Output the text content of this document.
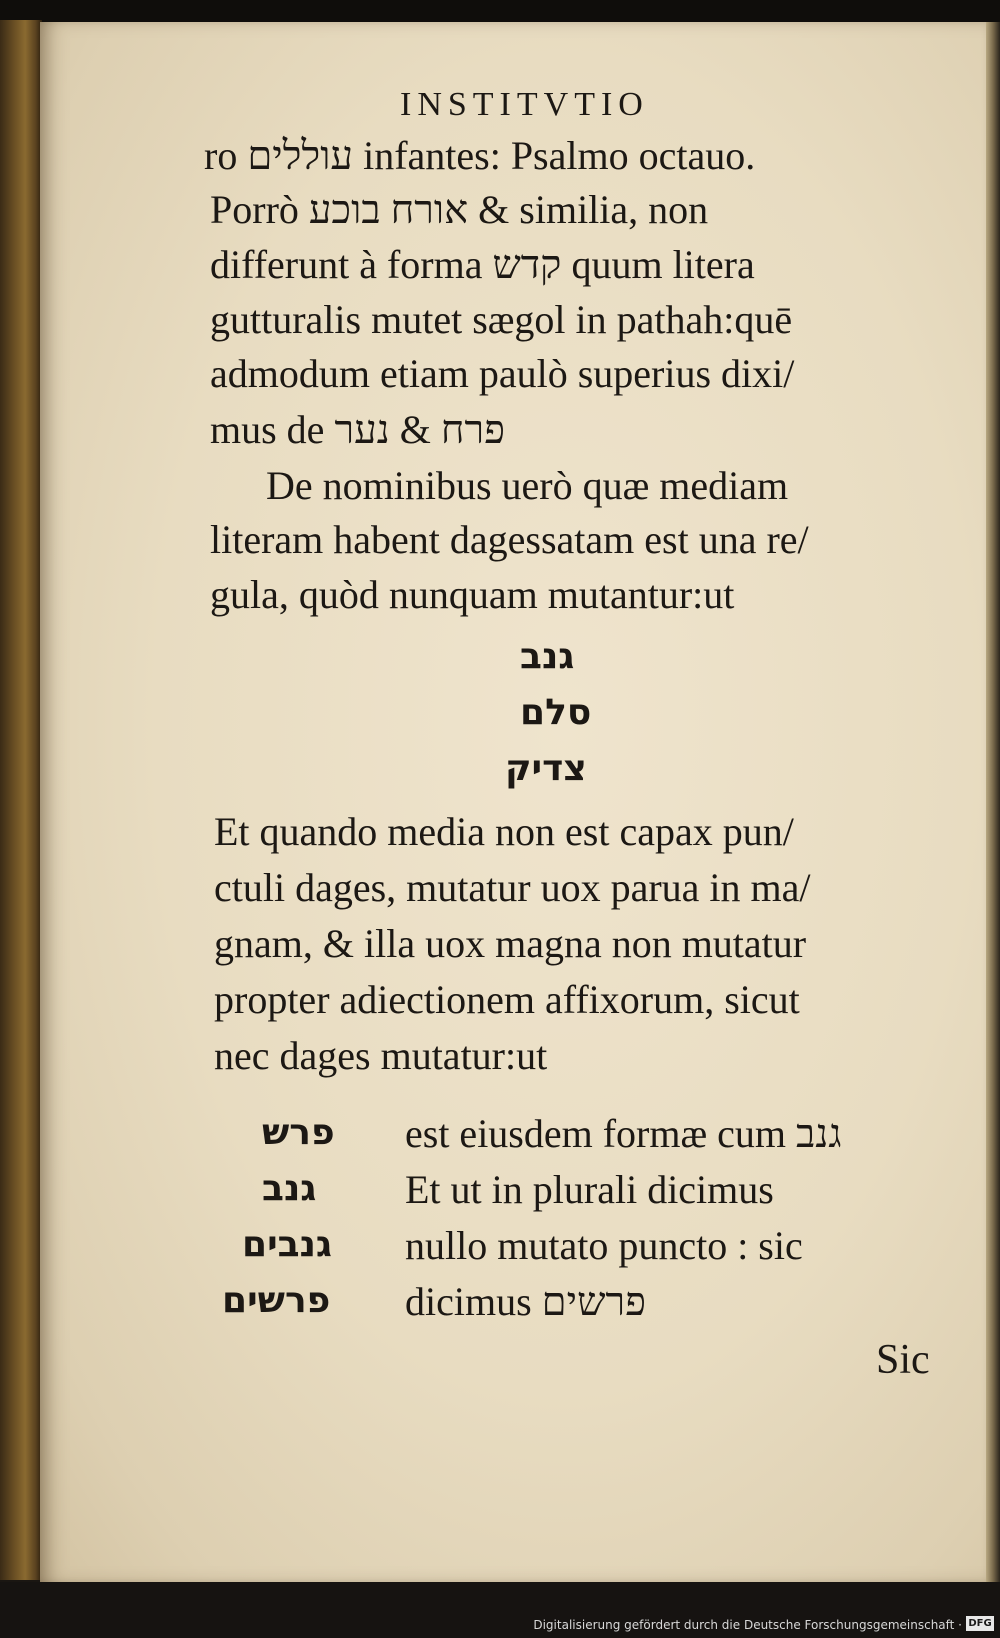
INSTITVTIO
ro עוללים infantes: Psalmo octauo.
Porrò אורח בוכע & similia, non
differunt à forma קדש quum litera
gutturalis mutet sægol in pathah:quē
admodum etiam paulò superius dixi/
mus de פרח & נער
De nominibus uerò quæ mediam
literam habent dagessatam est una re/
gula, quòd nunquam mutantur:ut
גנב
סלם
צדיק
Et quando media non est capax pun/
ctuli dages, mutatur uox parua in ma/
gnam, & illa uox magna non mutatur
propter adiectionem affixorum, sicut
nec dages mutatur:ut
פרש est eiusdem formæ cum גנב
גנב Et ut in plurali dicimus
גנבים nullo mutato puncto : sic
פרשים dicimus פרשים
Sic
Digitalisierung gefördert durch die Deutsche Forschungsgemeinschaft · DFG
